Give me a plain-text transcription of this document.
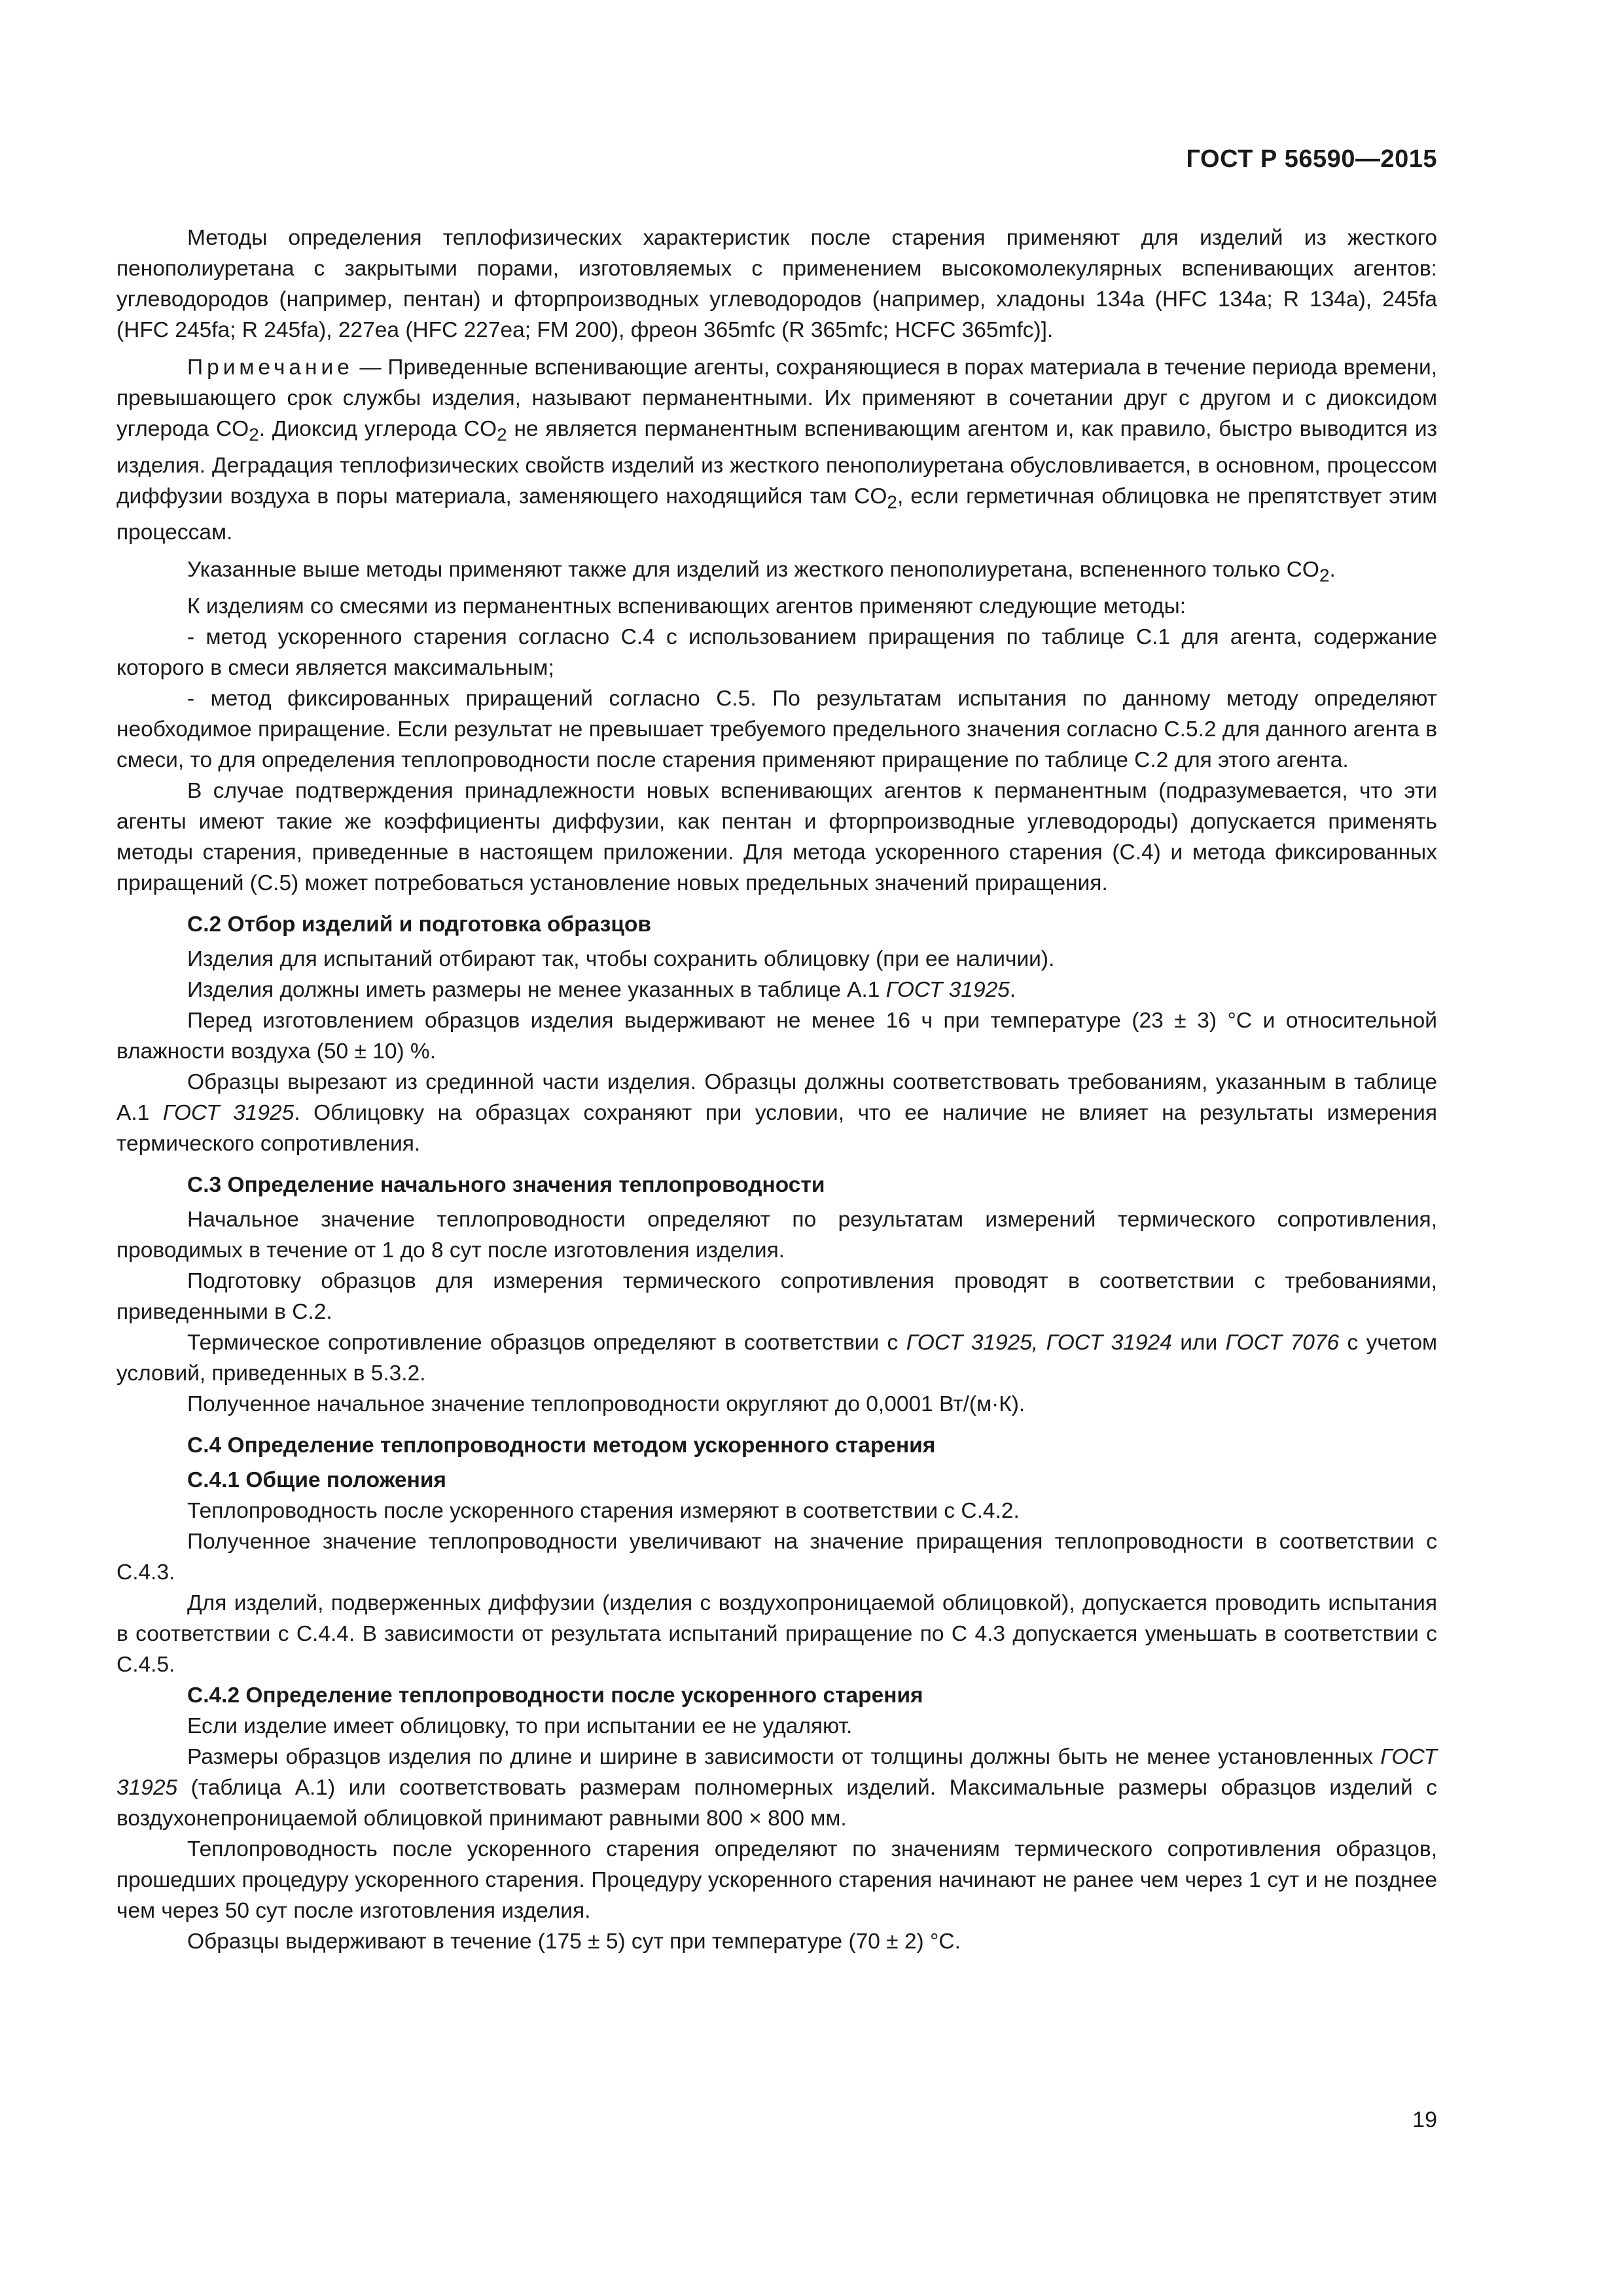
ГОСТ Р 56590—2015

Методы определения теплофизических характеристик после старения применяют для изделий из жесткого пенополиуретана с закрытыми порами, изготовляемых с применением высокомолекулярных вспенивающих агентов: углеводородов (например, пентан) и фторпроизводных углеводородов (например, хладоны 134a (HFC 134a; R 134a), 245fa (HFC 245fa; R 245fa), 227ea (HFC 227ea; FM 200), фреон 365mfc (R 365mfc; HCFC 365mfc)].

Примечание — Приведенные вспенивающие агенты, сохраняющиеся в порах материала в течение периода времени, превышающего срок службы изделия, называют перманентными. Их применяют в сочетании друг с другом и с диоксидом углерода $CO_2$. Диоксид углерода $CO_2$ не является перманентным вспенивающим агентом и, как правило, быстро выводится из изделия. Деградация теплофизических свойств изделий из жесткого пенополиуретана обусловливается, в основном, процессом диффузии воздуха в поры материала, заменяющего находящийся там $CO_2$, если герметичная облицовка не препятствует этим процессам.

Указанные выше методы применяют также для изделий из жесткого пенополиуретана, вспененного только $CO_2$.

К изделиям со смесями из перманентных вспенивающих агентов применяют следующие методы:

- метод ускоренного старения согласно С.4 с использованием приращения по таблице С.1 для агента, содержание которого в смеси является максимальным;

- метод фиксированных приращений согласно С.5. По результатам испытания по данному методу определяют необходимое приращение. Если результат не превышает требуемого предельного значения согласно С.5.2 для данного агента в смеси, то для определения теплопроводности после старения применяют приращение по таблице С.2 для этого агента.

В случае подтверждения принадлежности новых вспенивающих агентов к перманентным (подразумевается, что эти агенты имеют такие же коэффициенты диффузии, как пентан и фторпроизводные углеводороды) допускается применять методы старения, приведенные в настоящем приложении. Для метода ускоренного старения (С.4) и метода фиксированных приращений (С.5) может потребоваться установление новых предельных значений приращения.

С.2 Отбор изделий и подготовка образцов

Изделия для испытаний отбирают так, чтобы сохранить облицовку (при ее наличии).

Изделия должны иметь размеры не менее указанных в таблице А.1 ГОСТ 31925.

Перед изготовлением образцов изделия выдерживают не менее 16 ч при температуре (23 ± 3) °С и относительной влажности воздуха (50 ± 10) %.

Образцы вырезают из срединной части изделия. Образцы должны соответствовать требованиям, указанным в таблице А.1 ГОСТ 31925. Облицовку на образцах сохраняют при условии, что ее наличие не влияет на результаты измерения термического сопротивления.

С.3 Определение начального значения теплопроводности

Начальное значение теплопроводности определяют по результатам измерений термического сопротивления, проводимых в течение от 1 до 8 сут после изготовления изделия.

Подготовку образцов для измерения термического сопротивления проводят в соответствии с требованиями, приведенными в С.2.

Термическое сопротивление образцов определяют в соответствии с ГОСТ 31925, ГОСТ 31924 или ГОСТ 7076 с учетом условий, приведенных в 5.3.2.

Полученное начальное значение теплопроводности округляют до 0,0001 Вт/(м·К).

С.4 Определение теплопроводности методом ускоренного старения
С.4.1 Общие положения

Теплопроводность после ускоренного старения измеряют в соответствии с С.4.2.

Полученное значение теплопроводности увеличивают на значение приращения теплопроводности в соответствии с С.4.3.

Для изделий, подверженных диффузии (изделия с воздухопроницаемой облицовкой), допускается проводить испытания в соответствии с С.4.4. В зависимости от результата испытаний приращение по С 4.3 допускается уменьшать в соответствии с С.4.5.

С.4.2 Определение теплопроводности после ускоренного старения

Если изделие имеет облицовку, то при испытании ее не удаляют.

Размеры образцов изделия по длине и ширине в зависимости от толщины должны быть не менее установленных ГОСТ 31925 (таблица А.1) или соответствовать размерам полномерных изделий. Максимальные размеры образцов изделий с воздухонепроницаемой облицовкой принимают равными 800 × 800 мм.

Теплопроводность после ускоренного старения определяют по значениям термического сопротивления образцов, прошедших процедуру ускоренного старения. Процедуру ускоренного старения начинают не ранее чем через 1 сут и не позднее чем через 50 сут после изготовления изделия.

Образцы выдерживают в течение (175 ± 5) сут при температуре (70 ± 2) °С.

19
